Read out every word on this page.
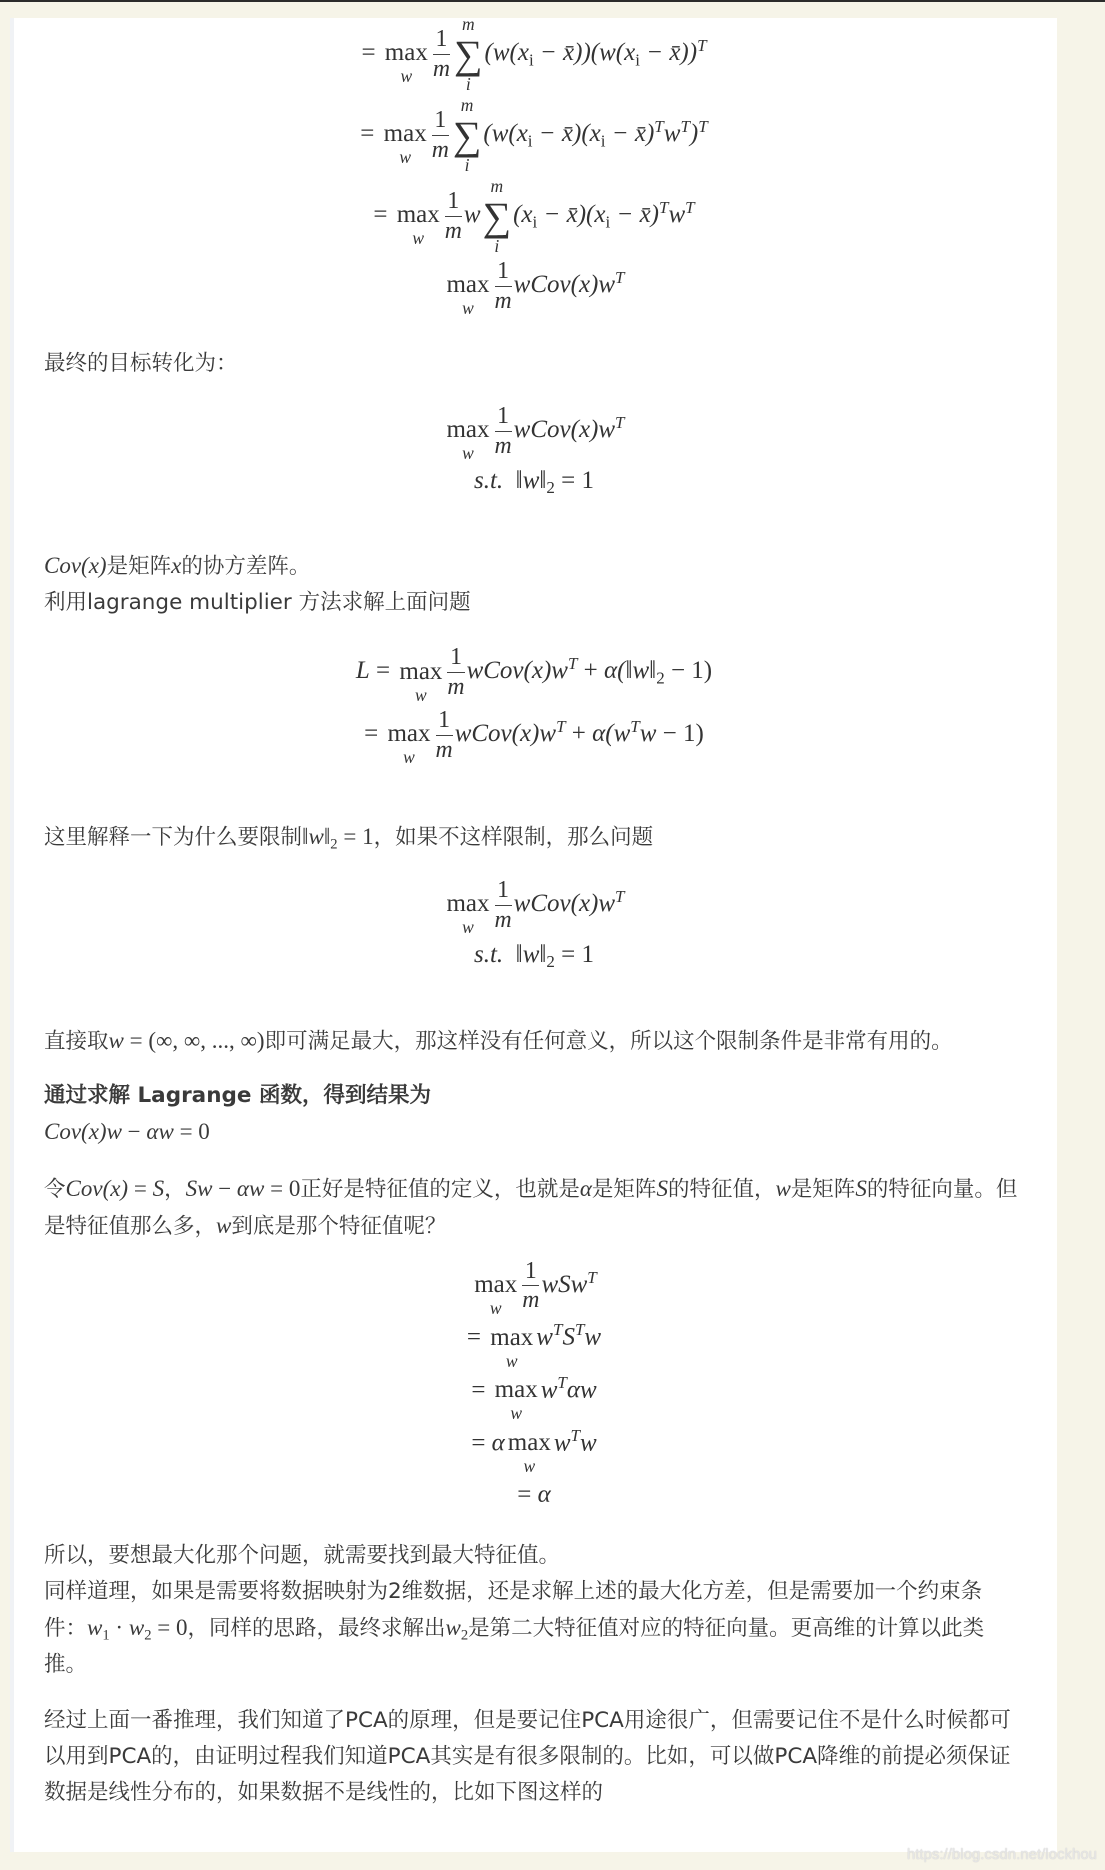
= max
w $\frac{1}{m}$
m
∑
i
($w(x_i$ − $x̄))(w(x_i$ − x̄))$^T$
= max
w $\frac{1}{m}$
m
∑
i
($w(x_i$ − $x̄)(x_i$ − $x̄)^Tw^T)^T$
= max
w $\frac{1}{m}$ w
m
∑
i
($x_i$ − $x̄)(x_i$ − $x̄)^Tw^T$
max
w $\frac{1}{m}$ $wCov(x)w^T$
最终的目标转化为：
max
w $\frac{1}{m}$ $wCov(x)w^T$
s.t.  $‖w‖_2 = 1$
Cov(x)是矩阵x的协方差阵。
利用lagrange multiplier 方法求解上面问题
L = max
w $\frac{1}{m}$ $wCov(x)w^T$ + $\alpha(‖w‖_2 - 1)$
= max
w $\frac{1}{m}$ $wCov(x)w^T + \alpha(w^Tw - 1)$
这里解释一下为什么要限制$‖w‖_2 = 1$，如果不这样限制，那么问题
max
w $\frac{1}{m}$ $wCov(x)w^T$
s.t.  $‖w‖_2 = 1$
直接取w = (∞, ∞, ..., ∞)即可满足最大，那这样没有任何意义，所以这个限制条件是非常有用的。
通过求解 Lagrange 函数，得到结果为
Cov(x)w − αw = 0
令Cov(x) = S，Sw − αw = 0正好是特征值的定义，也就是α是矩阵S的特征值，w是矩阵S的特征向量。但是特征值那么多，w到底是那个特征值呢？
max
w $\frac{1}{m} wSw^T$
= max
w
$w^TS^Tw$
= max
w
$w^T\alpha w$
= α max
w
$w^Tw$
= α
所以，要想最大化那个问题，就需要找到最大特征值。
同样道理，如果是需要将数据映射为2维数据，还是求解上述的最大化方差，但是需要加一个约束条件：$w_1 \cdot w_2 = 0$，同样的思路，最终求解出$w_2$是第二大特征值对应的特征向量。更高维的计算以此类推。
经过上面一番推理，我们知道了PCA的原理，但是要记住PCA用途很广，但需要记住不是什么时候都可以用到PCA的，由证明过程我们知道PCA其实是有很多限制的。比如，可以做PCA降维的前提必须保证数据是线性分布的，如果数据不是线性的，比如下图这样的
https://blog.csdn.net/lockhou
